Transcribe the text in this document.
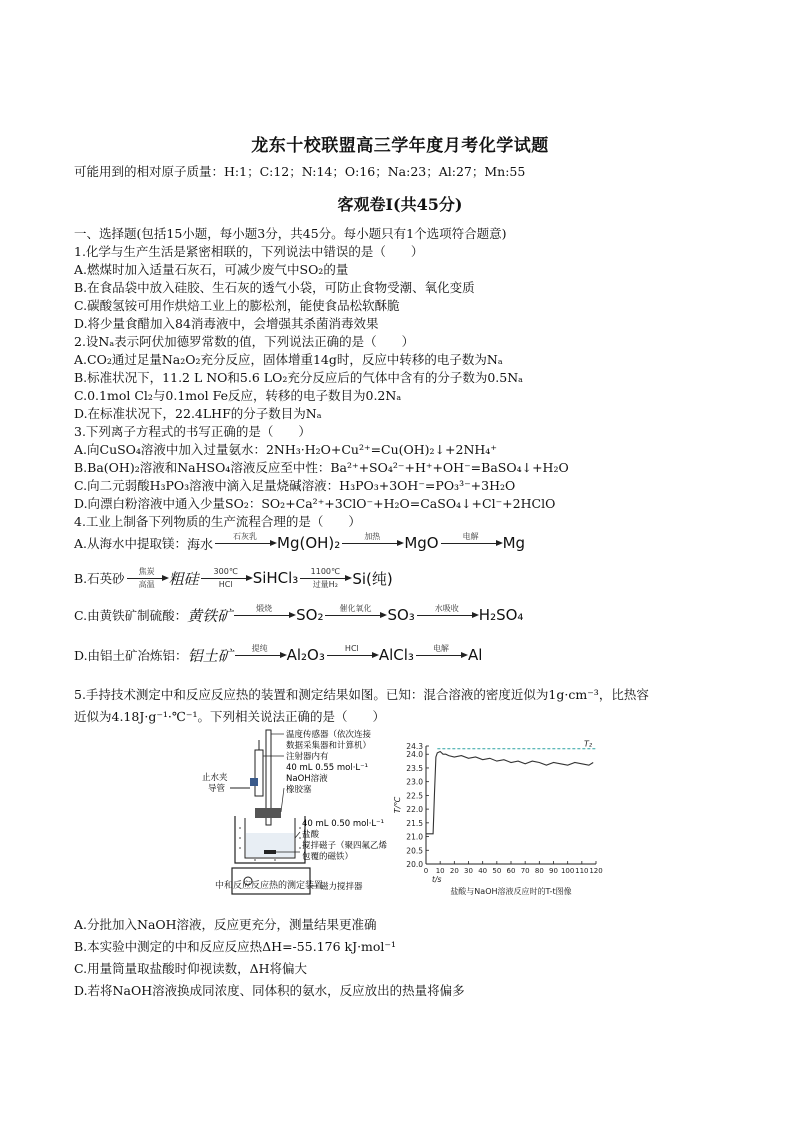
龙东十校联盟高三学年度月考化学试题
可能用到的相对原子质量：H:1；C:12；N:14；O:16；Na:23；Al:27；Mn:55
客观卷Ⅰ(共45分)
一、选择题(包括15小题，每小题3分，共45分。每小题只有1个选项符合题意)
1.化学与生产生活是紧密相联的，下列说法中错误的是（　　）
A.燃煤时加入适量石灰石，可减少废气中SO₂的量
B.在食品袋中放入硅胶、生石灰的透气小袋，可防止食物受潮、氧化变质
C.碳酸氢铵可用作烘焙工业上的膨松剂，能使食品松软酥脆
D.将少量食醋加入84消毒液中，会增强其杀菌消毒效果
2.设Nₐ表示阿伏加德罗常数的值，下列说法正确的是（　　）
A.CO₂通过足量Na₂O₂充分反应，固体增重14g时，反应中转移的电子数为Nₐ
B.标准状况下，11.2 L NO和5.6 LO₂充分反应后的气体中含有的分子数为0.5Nₐ
C.0.1mol Cl₂与0.1mol Fe反应，转移的电子数目为0.2Nₐ
D.在标准状况下，22.4LHF的分子数目为Nₐ
3.下列离子方程式的书写正确的是（　　）
A.向CuSO₄溶液中加入过量氨水：2NH₃·H₂O+Cu²⁺=Cu(OH)₂↓+2NH₄⁺
B.Ba(OH)₂溶液和NaHSO₄溶液反应至中性：Ba²⁺+SO₄²⁻+H⁺+OH⁻=BaSO₄↓+H₂O
C.向二元弱酸H₃PO₃溶液中滴入足量烧碱溶液：H₃PO₃+3OH⁻=PO₃³⁻+3H₂O
D.向漂白粉溶液中通入少量SO₂：SO₂+Ca²⁺+3ClO⁻+H₂O=CaSO₄↓+Cl⁻+2HClO
4.工业上制备下列物质的生产流程合理的是（　　）
A.从海水中提取镁： 海水
石灰乳 Mg(OH)₂	加热 MgO	电解 Mg
B.石英砂 焦炭
高温 粗硅 300℃
HCl SiHCl₃ 1100℃
过量H₂ Si(纯)
C.由黄铁矿制硫酸： 黄铁矿	煅烧 SO₂ 催化氧化 SO₃	水吸收 H₂SO₄
D.由铝土矿冶炼铝： 铝土矿 提纯 Al₂O₃	HCl AlCl₃ 电解 Al
5.手持技术测定中和反应反应热的装置和测定结果如图。已知：混合溶液的密度近似为1g·cm⁻³，比热容
近似为4.18J·g⁻¹·℃⁻¹。下列相关说法正确的是（　　）
温度传感器（依次连接
数据采集器和计算机）
注射器内有
40 mL 0.55 mol·L⁻¹
NaOH溶液
橡胶塞
止水夹
导管
40 mL 0.50 mol·L⁻¹
盐酸
搅拌磁子（聚四氟乙烯
包覆的磁铁）
磁力搅拌器
中和反应反应热的测定装置
20.0
20.5
21.0
21.5
22.0
22.5
23.0
23.5
24.0
24.3
0 10 20 30 40 50 60 70 80 90 100 110 120
T₂
T/℃
t/s
盐酸与NaOH溶液反应时的T-t图像
A.分批加入NaOH溶液，反应更充分，测量结果更准确
B.本实验中测定的中和反应反应热ΔH=-55.176 kJ·mol⁻¹
C.用量筒量取盐酸时仰视读数，ΔH将偏大
D.若将NaOH溶液换成同浓度、同体积的氨水，反应放出的热量将偏多
